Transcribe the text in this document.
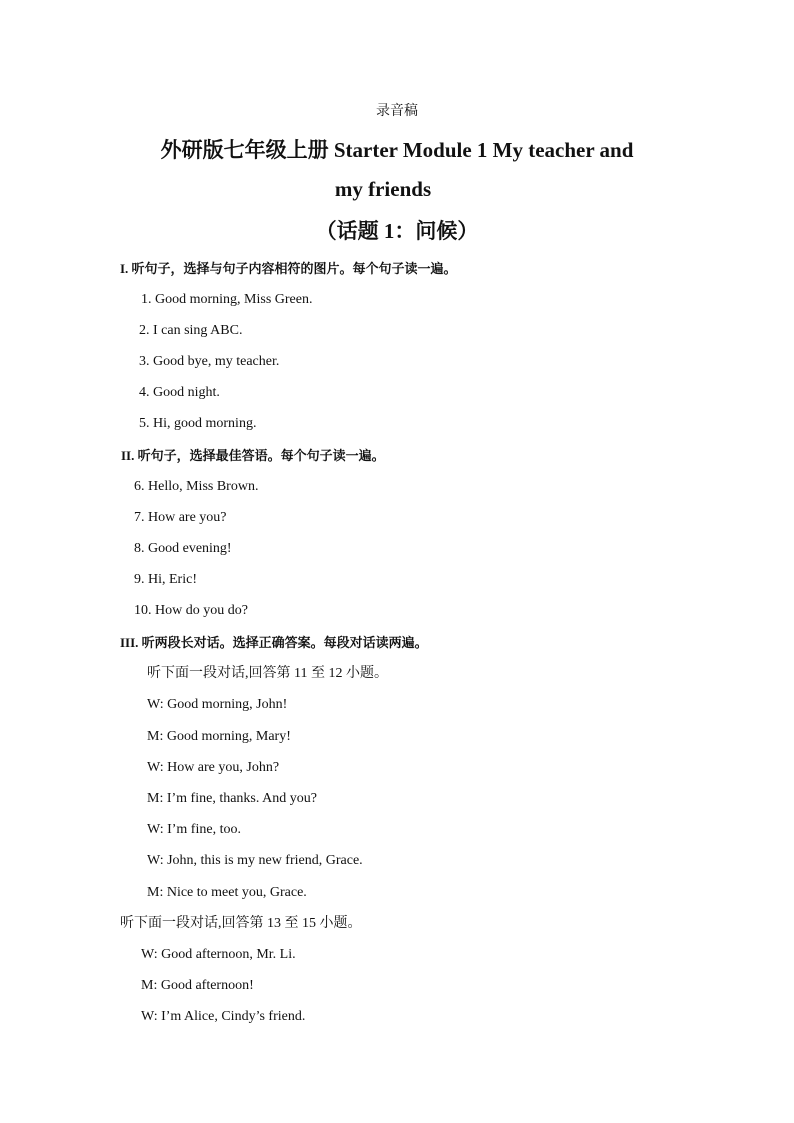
录音稿
外研版七年级上册 Starter Module 1 My teacher and
my friends
（话题 1：问候）
I. 听句子，选择与句子内容相符的图片。每个句子读一遍。
1. Good morning, Miss Green.
2. I can sing ABC.
3. Good bye, my teacher.
4. Good night.
5. Hi, good morning.
II. 听句子，选择最佳答语。每个句子读一遍。
6. Hello, Miss Brown.
7. How are you?
8. Good evening!
9. Hi, Eric!
10. How do you do?
III. 听两段长对话。选择正确答案。每段对话读两遍。
听下面一段对话,回答第 11 至 12 小题。
W: Good morning, John!
M: Good morning, Mary!
W: How are you, John?
M: I’m fine, thanks. And you?
W: I’m fine, too.
W: John, this is my new friend, Grace.
M: Nice to meet you, Grace.
听下面一段对话,回答第 13 至 15 小题。
W: Good afternoon, Mr. Li.
M: Good afternoon!
W: I’m Alice, Cindy’s friend.
